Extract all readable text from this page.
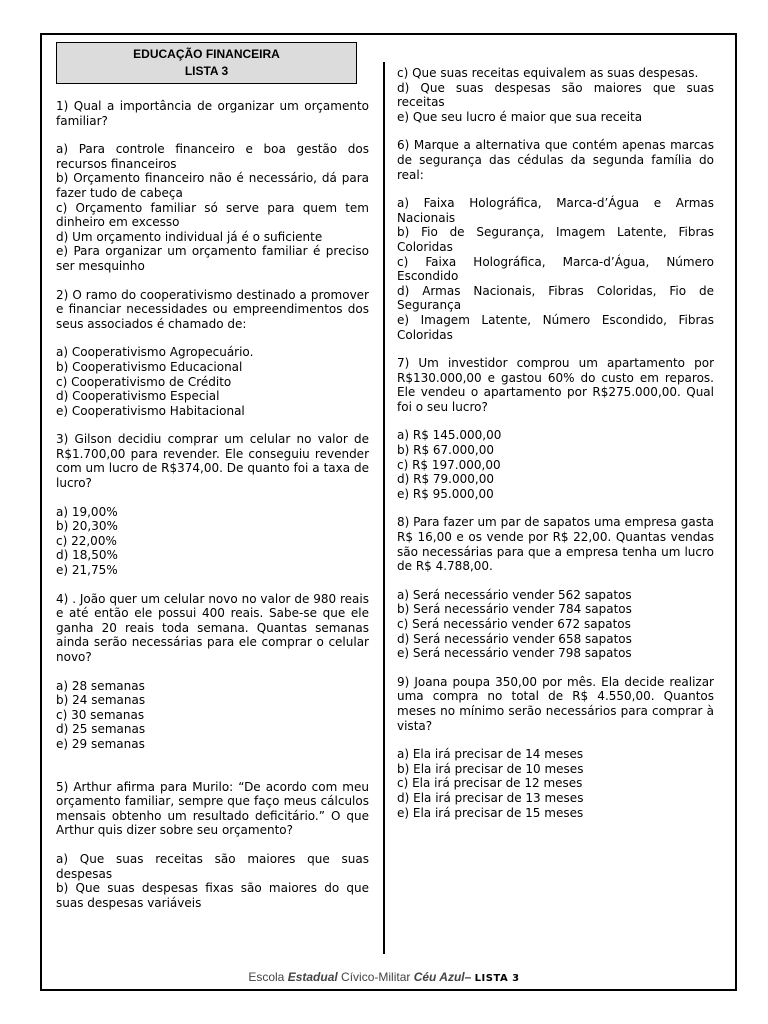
EDUCAÇÃO FINANCEIRA
LISTA 3

1) Qual a importância de organizar um orçamento familiar?

a) Para controle financeiro e boa gestão dos recursos financeiros

b) Orçamento financeiro não é necessário, dá para fazer tudo de cabeça

c) Orçamento familiar só serve para quem tem dinheiro em excesso

d) Um orçamento individual já é o suficiente

e) Para organizar um orçamento familiar é preciso ser mesquinho

2) O ramo do cooperativismo destinado a promover e financiar necessidades ou empreendimentos dos seus associados é chamado de:

a) Cooperativismo Agropecuário.

b) Cooperativismo Educacional

c) Cooperativismo de Crédito

d) Cooperativismo Especial

e) Cooperativismo Habitacional

3) Gilson decidiu comprar um celular no valor de R$1.700,00 para revender. Ele conseguiu revender com um lucro de R$374,00. De quanto foi a taxa de lucro?

a) 19,00%

b) 20,30%

c) 22,00%

d) 18,50%

e) 21,75%

4) . João quer um celular novo no valor de 980 reais e até então ele possui 400 reais. Sabe-se que ele ganha 20 reais toda semana. Quantas semanas ainda serão necessárias para ele comprar o celular novo?

a) 28 semanas

b) 24 semanas

c) 30 semanas

d) 25 semanas

e) 29 semanas

5) Arthur afirma para Murilo: “De acordo com meu orçamento familiar, sempre que faço meus cálculos mensais obtenho um resultado deficitário.” O que Arthur quis dizer sobre seu orçamento?

a) Que suas receitas são maiores que suas despesas

b) Que suas despesas fixas são maiores do que suas despesas variáveis

c) Que suas receitas equivalem as suas despesas.

d) Que suas despesas são maiores que suas receitas

e) Que seu lucro é maior que sua receita

6) Marque a alternativa que contém apenas marcas de segurança das cédulas da segunda família do real:

a) Faixa Holográfica, Marca-d’Água e Armas Nacionais

b) Fio de Segurança, Imagem Latente, Fibras Coloridas

c) Faixa Holográfica, Marca-d’Água, Número Escondido

d) Armas Nacionais, Fibras Coloridas, Fio de Segurança

e) Imagem Latente, Número Escondido, Fibras Coloridas

7) Um investidor comprou um apartamento por R$130.000,00 e gastou 60% do custo em reparos. Ele vendeu o apartamento por R$275.000,00. Qual foi o seu lucro?

a) R$ 145.000,00

b) R$ 67.000,00

c) R$ 197.000,00

d) R$ 79.000,00

e) R$ 95.000,00

8) Para fazer um par de sapatos uma empresa gasta R$ 16,00 e os vende por R$ 22,00. Quantas vendas são necessárias para que a empresa tenha um lucro de R$ 4.788,00.

a) Será necessário vender 562 sapatos

b) Será necessário vender 784 sapatos

c) Será necessário vender 672 sapatos

d) Será necessário vender 658 sapatos

e) Será necessário vender 798 sapatos

9) Joana poupa 350,00 por mês. Ela decide realizar uma compra no total de R$ 4.550,00. Quantos meses no mínimo serão necessários para comprar à vista?

a) Ela irá precisar de 14 meses

b) Ela irá precisar de 10 meses

c) Ela irá precisar de 12 meses

d) Ela irá precisar de 13 meses

e) Ela irá precisar de 15 meses

Escola Estadual Cívico-Militar Céu Azul– LISTA 3
